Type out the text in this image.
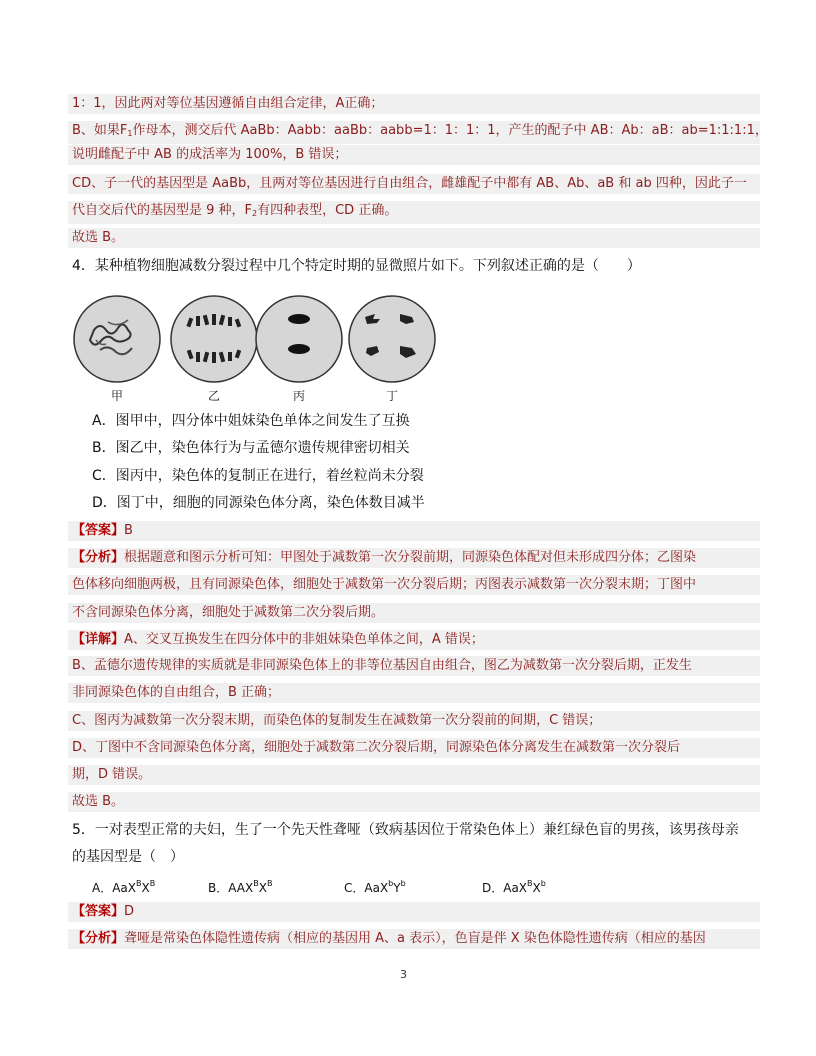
1：1，因此两对等位基因遵循自由组合定律，A正确；
B、如果$F_1$作母本，测交后代 AaBb：Aabb：aaBb：aabb=1：1：1：1，产生的配子中 AB：Ab：aB：ab=1:1:1:1，
说明雌配子中 AB 的成活率为 100%，B 错误；
CD、子一代的基因型是 AaBb，且两对等位基因进行自由组合，雌雄配子中都有 AB、Ab、aB 和 ab 四种，因此子一
代自交后代的基因型是 9 种，$F_2$有四种表型，CD 正确。
故选 B。
4．某种植物细胞减数分裂过程中几个特定时期的显微照片如下。下列叙述正确的是（　　）
甲	乙	丙	丁
A．图甲中，四分体中姐妹染色单体之间发生了互换
B．图乙中，染色体行为与孟德尔遗传规律密切相关
C．图丙中，染色体的复制正在进行，着丝粒尚未分裂
D．图丁中，细胞的同源染色体分离，染色体数目减半
【答案】B
【分析】根据题意和图示分析可知：甲图处于减数第一次分裂前期，同源染色体配对但未形成四分体；乙图染
色体移向细胞两极，且有同源染色体，细胞处于减数第一次分裂后期；丙图表示减数第一次分裂末期；丁图中
不含同源染色体分离，细胞处于减数第二次分裂后期。
【详解】A、交叉互换发生在四分体中的非姐妹染色单体之间，A 错误；
B、孟德尔遗传规律的实质就是非同源染色体上的非等位基因自由组合，图乙为减数第一次分裂后期，正发生
非同源染色体的自由组合，B 正确；
C、图丙为减数第一次分裂末期，而染色体的复制发生在减数第一次分裂前的间期，C 错误；
D、丁图中不含同源染色体分离，细胞处于减数第二次分裂后期，同源染色体分离发生在减数第一次分裂后
期，D 错误。
故选 B。
5．一对表型正常的夫妇，生了一个先天性聋哑（致病基因位于常染色体上）兼红绿色盲的男孩，该男孩母亲
的基因型是（　）
A．$AaX^BX^B$	B．$AAX^BX^B$	C．$AaX^bY^b$	D．$AaX^BX^b$
【答案】D
【分析】聋哑是常染色体隐性遗传病（相应的基因用 A、a 表示），色盲是伴 X 染色体隐性遗传病（相应的基因
3
